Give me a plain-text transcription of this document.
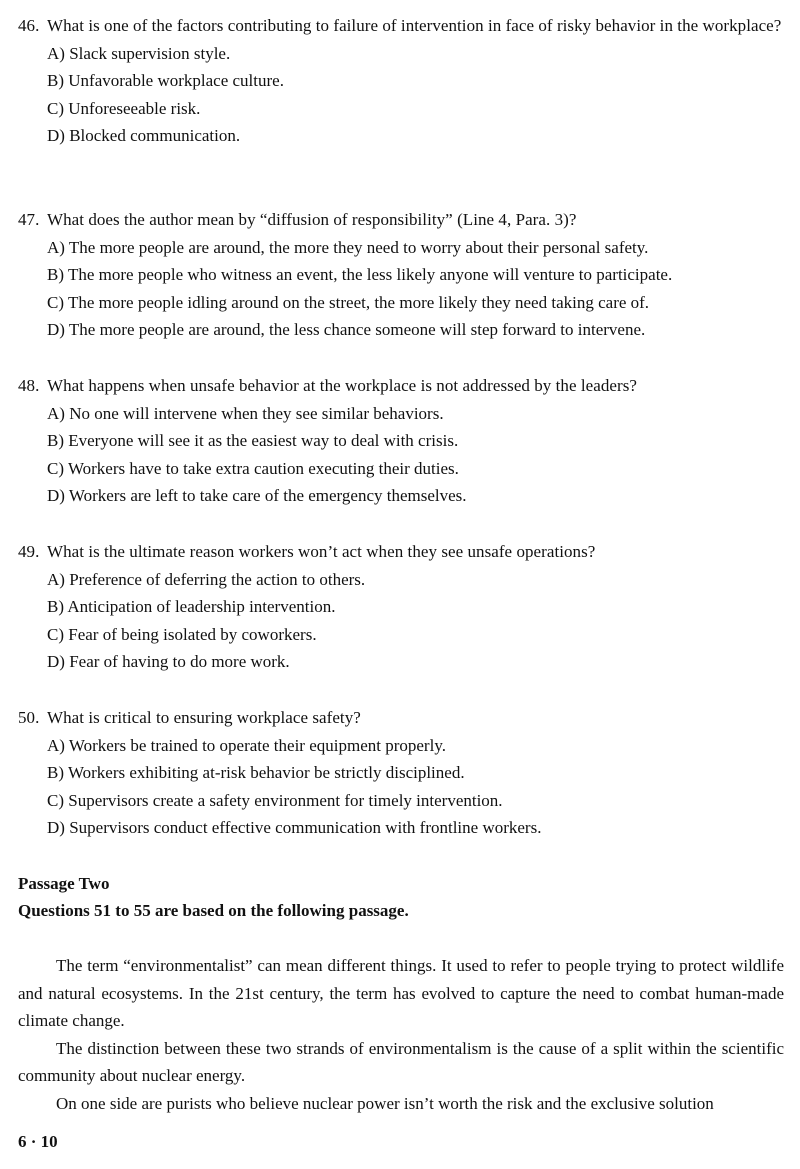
46. What is one of the factors contributing to failure of intervention in face of risky behavior in the workplace?

A) Slack supervision style.

B) Unfavorable workplace culture.

C) Unforeseeable risk.

D) Blocked communication.

47. What does the author mean by “diffusion of responsibility” (Line 4, Para. 3)?

A) The more people are around, the more they need to worry about their personal safety.

B) The more people who witness an event, the less likely anyone will venture to participate.

C) The more people idling around on the street, the more likely they need taking care of.

D) The more people are around, the less chance someone will step forward to intervene.

48. What happens when unsafe behavior at the workplace is not addressed by the leaders?

A) No one will intervene when they see similar behaviors.

B) Everyone will see it as the easiest way to deal with crisis.

C) Workers have to take extra caution executing their duties.

D) Workers are left to take care of the emergency themselves.

49. What is the ultimate reason workers won’t act when they see unsafe operations?

A) Preference of deferring the action to others.

B) Anticipation of leadership intervention.

C) Fear of being isolated by coworkers.

D) Fear of having to do more work.

50. What is critical to ensuring workplace safety?

A) Workers be trained to operate their equipment properly.

B) Workers exhibiting at-risk behavior be strictly disciplined.

C) Supervisors create a safety environment for timely intervention.

D) Supervisors conduct effective communication with frontline workers.

Passage Two

Questions 51 to 55 are based on the following passage.

The term “environmentalist” can mean different things. It used to refer to people trying to protect wildlife and natural ecosystems. In the 21st century, the term has evolved to capture the need to combat human-made climate change.

The distinction between these two strands of environmentalism is the cause of a split within the scientific community about nuclear energy.

On one side are purists who believe nuclear power isn’t worth the risk and the exclusive solution

6 · 10
